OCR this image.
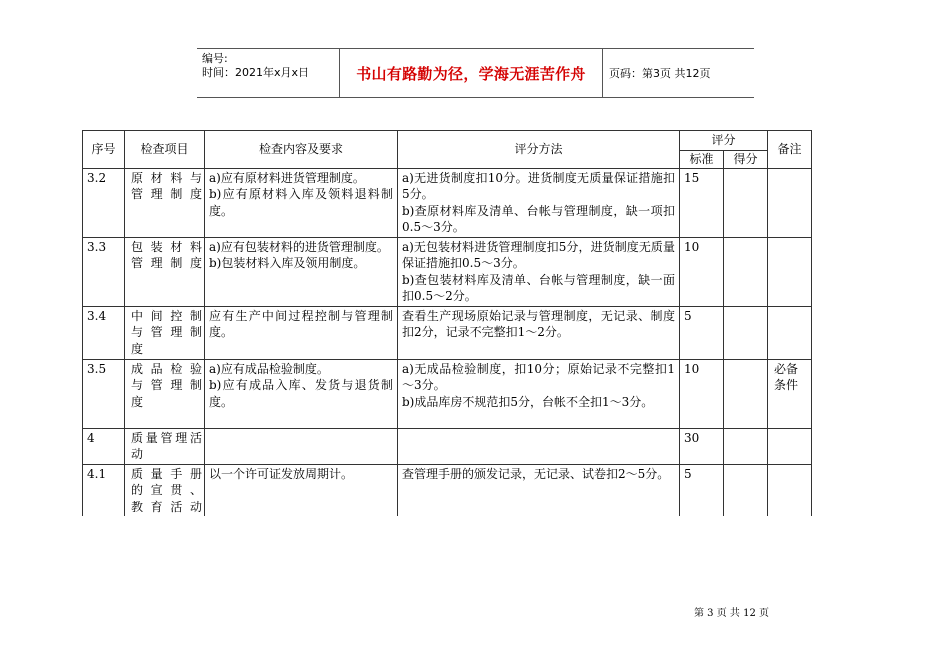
编号:
时间：2021年x月x日	书山有路勤为径，学海无涯苦作舟	页码：第3页 共12页
序号	检查项目	检查内容及要求	评分方法	评分		备注
				标准	得分	
3.2	原材料与
管理制度	a)应有原材料进货管理制度。
b)应有原材料入库及领料退料制度。	a)无进货制度扣10分。进货制度无质量保证措施扣5分。
b)查原材料库及清单、台帐与管理制度，缺一项扣0.5～3分。	15		
3.3	包装材料
管理制度	a)应有包装材料的进货管理制度。
b)包装材料入库及领用制度。	a)无包装材料进货管理制度扣5分，进货制度无质量保证措施扣0.5～3分。
b)查包装材料库及清单、台帐与管理制度，缺一面扣0.5～2分。	10		
3.4	中间控制
与管理制
度	应有生产中间过程控制与管理制度。	查看生产现场原始记录与管理制度，无记录、制度扣2分，记录不完整扣1～2分。	5		
3.5	成品检验
与管理制
度	a)应有成品检验制度。
b)应有成品入库、发货与退货制度。	a)无成品检验制度，扣10分；原始记录不完整扣1～3分。
b)成品库房不规范扣5分，台帐不全扣1～3分。	10		必备条件
4	质量管理活
动			30		
4.1	质量手册
的宣贯、
教育活动	以一个许可证发放周期计。	查管理手册的颁发记录，无记录、试卷扣2～5分。	5		
第 3 页 共 12 页
